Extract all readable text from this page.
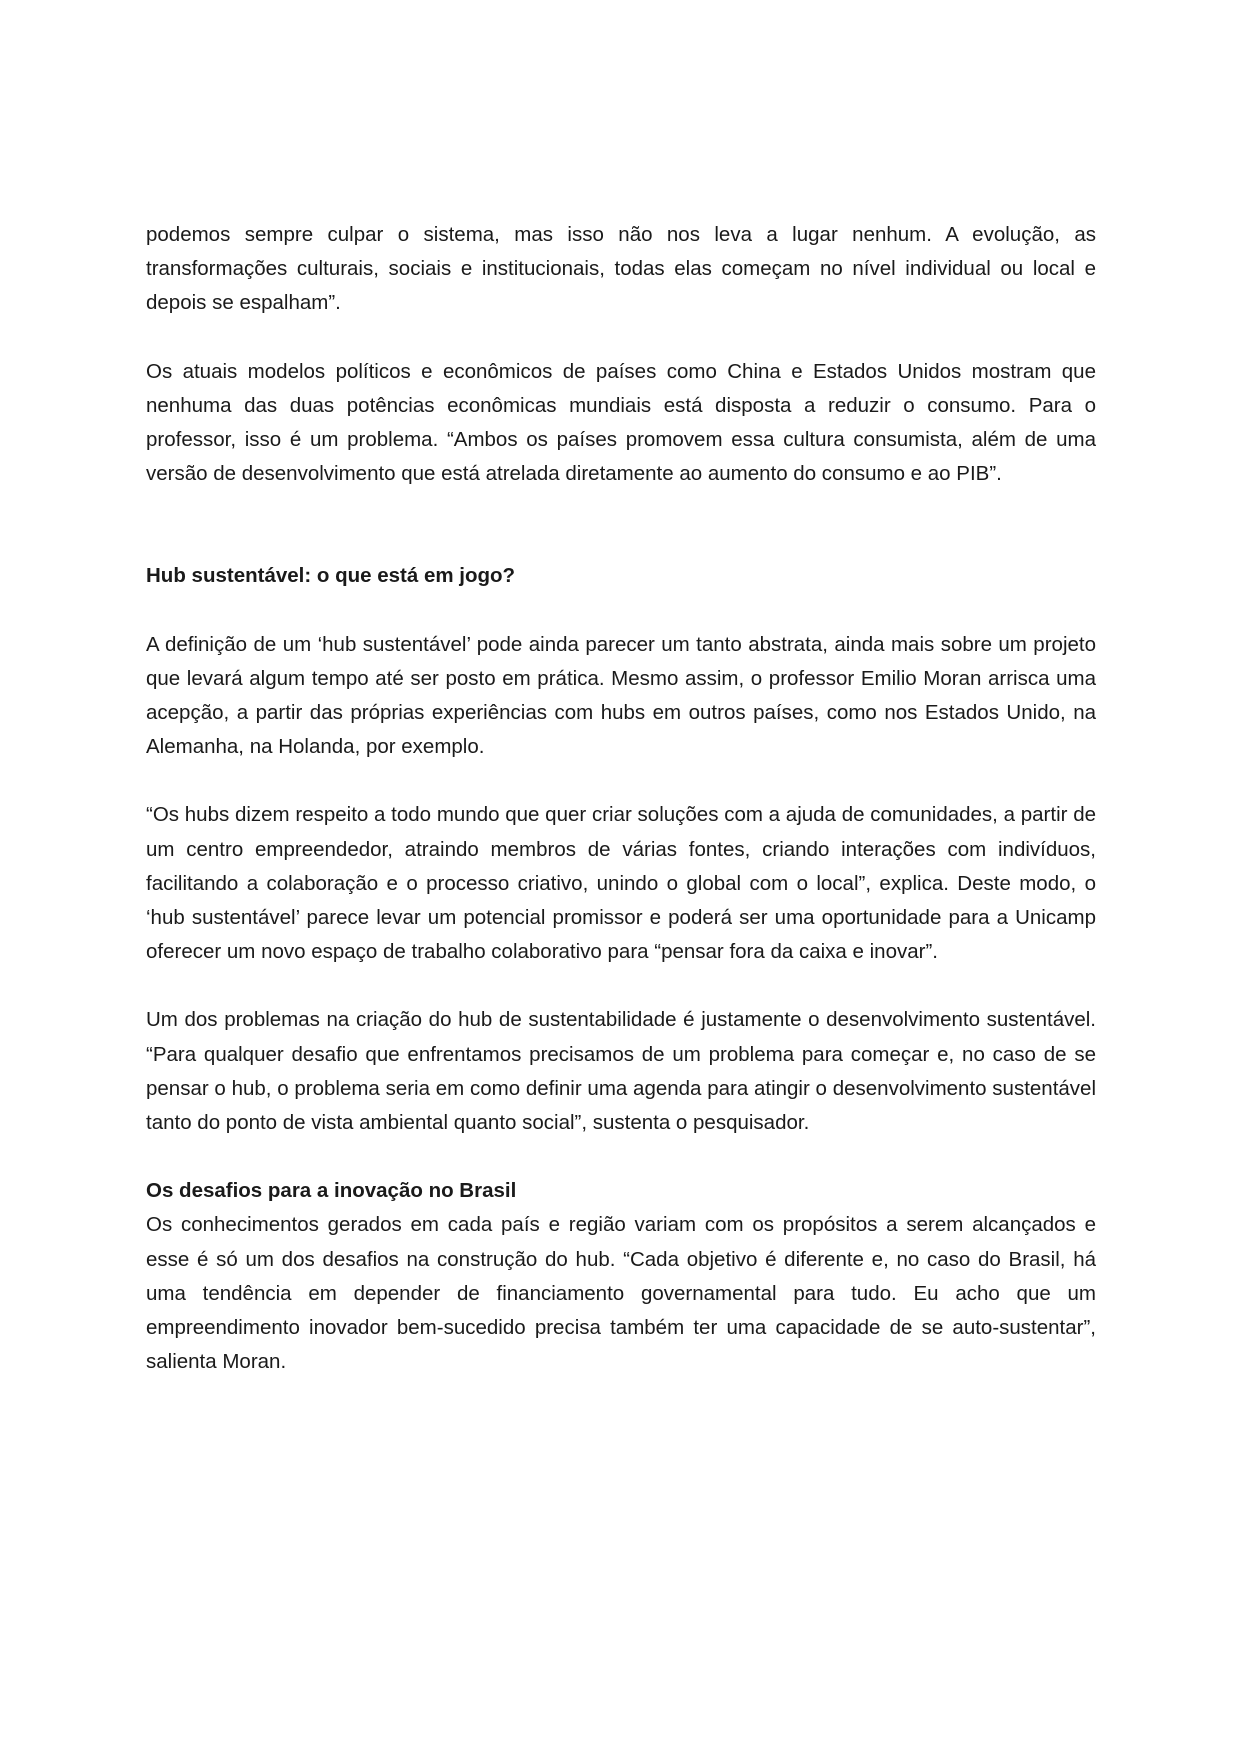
podemos sempre culpar o sistema, mas isso não nos leva a lugar nenhum. A evolução, as transformações culturais, sociais e institucionais, todas elas começam no nível individual ou local e depois se espalham”.

Os atuais modelos políticos e econômicos de países como China e Estados Unidos mostram que nenhuma das duas potências econômicas mundiais está disposta a reduzir o consumo. Para o professor, isso é um problema. “Ambos os países promovem essa cultura consumista, além de uma versão de desenvolvimento que está atrelada diretamente ao aumento do consumo e ao PIB”.

Hub sustentável: o que está em jogo?

A definição de um ‘hub sustentável’ pode ainda parecer um tanto abstrata, ainda mais sobre um projeto que levará algum tempo até ser posto em prática. Mesmo assim, o professor Emilio Moran arrisca uma acepção, a partir das próprias experiências com hubs em outros países, como nos Estados Unido, na Alemanha, na Holanda, por exemplo.

“Os hubs dizem respeito a todo mundo que quer criar soluções com a ajuda de comunidades, a partir de um centro empreendedor, atraindo membros de várias fontes, criando interações com indivíduos, facilitando a colaboração e o processo criativo, unindo o global com o local”, explica. Deste modo, o ‘hub sustentável’ parece levar um potencial promissor e poderá ser uma oportunidade para a Unicamp oferecer um novo espaço de trabalho colaborativo para “pensar fora da caixa e inovar”.

Um dos problemas na criação do hub de sustentabilidade é justamente o desenvolvimento sustentável. “Para qualquer desafio que enfrentamos precisamos de um problema para começar e, no caso de se pensar o hub, o problema seria em como definir uma agenda para atingir o desenvolvimento sustentável tanto do ponto de vista ambiental quanto social”, sustenta o pesquisador.

Os desafios para a inovação no Brasil

Os conhecimentos gerados em cada país e região variam com os propósitos a serem alcançados e esse é só um dos desafios na construção do hub. “Cada objetivo é diferente e, no caso do Brasil, há uma tendência em depender de financiamento governamental para tudo. Eu acho que um empreendimento inovador bem-sucedido precisa também ter uma capacidade de se auto-sustentar”, salienta Moran.
